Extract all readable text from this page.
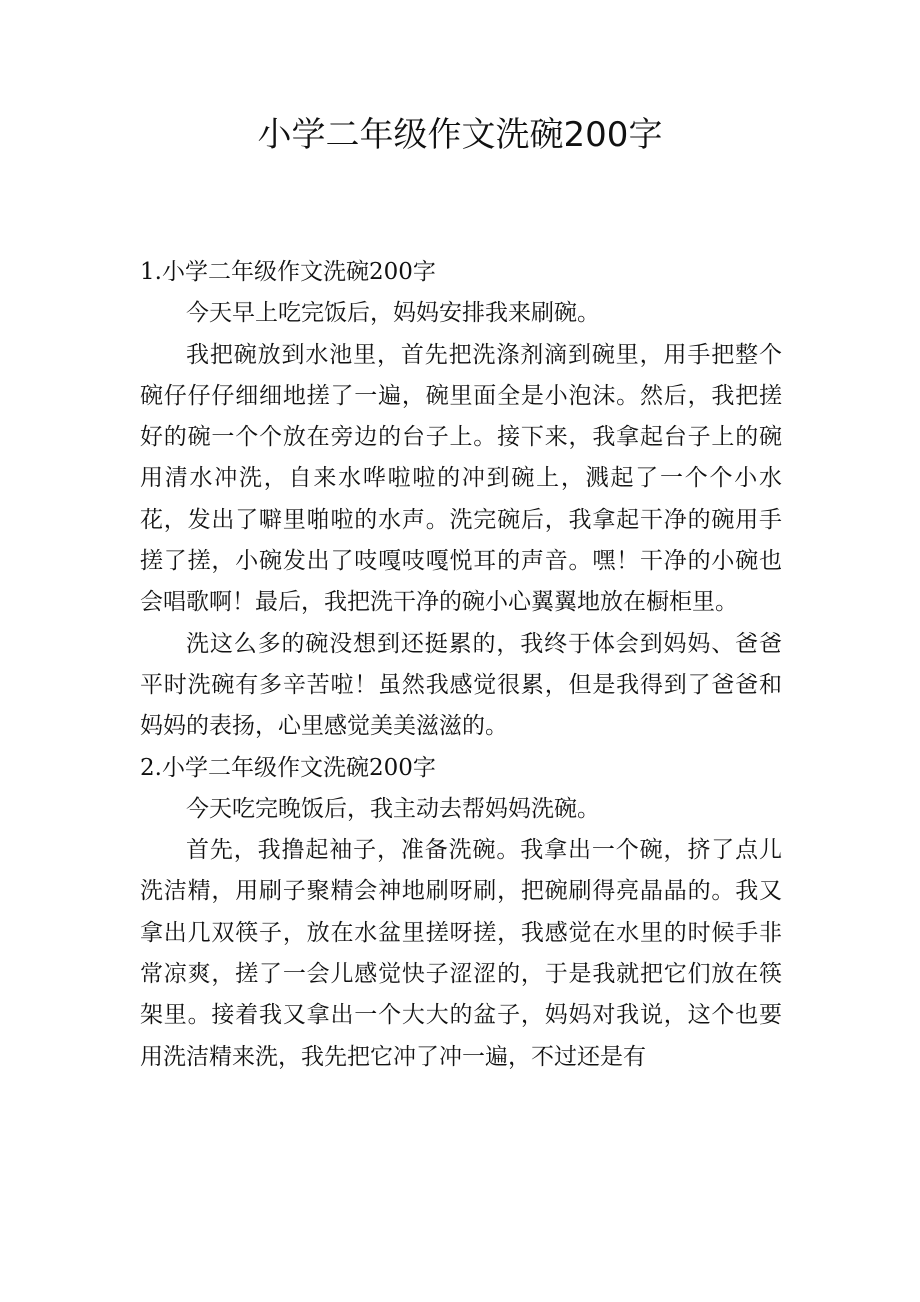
小学二年级作文洗碗200字
1.小学二年级作文洗碗200字

今天早上吃完饭后，妈妈安排我来刷碗。

我把碗放到水池里，首先把洗涤剂滴到碗里，用手把整个碗仔仔仔细细地搓了一遍，碗里面全是小泡沫。然后，我把搓好的碗一个个放在旁边的台子上。接下来，我拿起台子上的碗用清水冲洗，自来水哗啦啦的冲到碗上，溅起了一个个小水花，发出了噼里啪啦的水声。洗完碗后，我拿起干净的碗用手搓了搓，小碗发出了吱嘎吱嘎悦耳的声音。嘿！干净的小碗也会唱歌啊！最后，我把洗干净的碗小心翼翼地放在橱柜里。

洗这么多的碗没想到还挺累的，我终于体会到妈妈、爸爸平时洗碗有多辛苦啦！虽然我感觉很累，但是我得到了爸爸和妈妈的表扬，心里感觉美美滋滋的。

2.小学二年级作文洗碗200字

今天吃完晚饭后，我主动去帮妈妈洗碗。

首先，我撸起袖子，准备洗碗。我拿出一个碗，挤了点儿洗洁精，用刷子聚精会神地刷呀刷，把碗刷得亮晶晶的。我又拿出几双筷子，放在水盆里搓呀搓，我感觉在水里的时候手非常凉爽，搓了一会儿感觉快子涩涩的，于是我就把它们放在筷架里。接着我又拿出一个大大的盆子，妈妈对我说，这个也要用洗洁精来洗，我先把它冲了冲一遍，不过还是有
